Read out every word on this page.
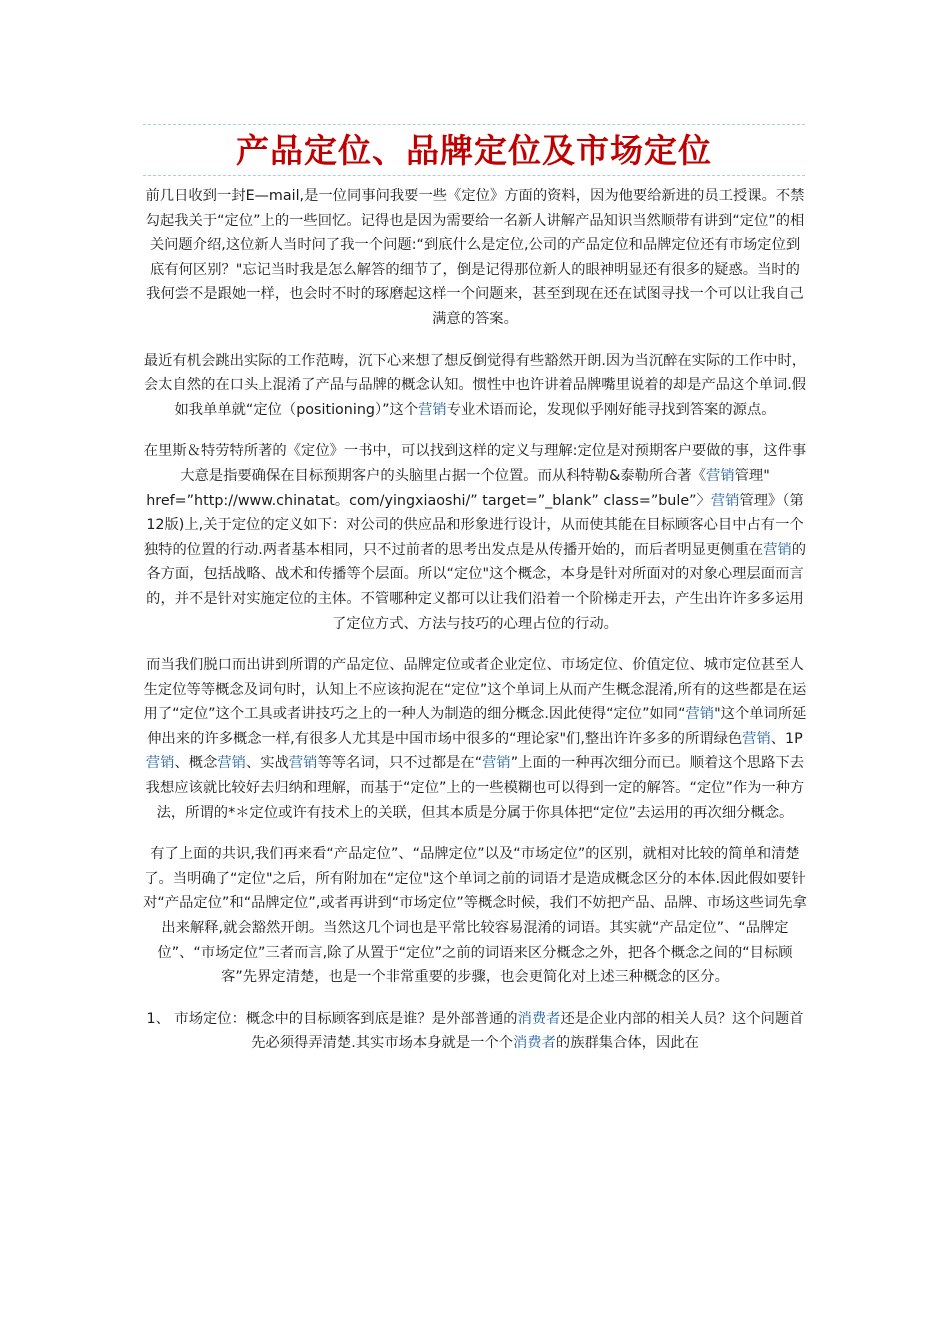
产品定位、品牌定位及市场定位

前几日收到一封E—mail,是一位同事问我要一些《定位》方面的资料，因为他要给新进的员工授课。不禁勾起我关于“定位”上的一些回忆。记得也是因为需要给一名新人讲解产品知识当然顺带有讲到“定位”的相关问题介绍,这位新人当时问了我一个问题:“到底什么是定位,公司的产品定位和品牌定位还有市场定位到底有何区别？"忘记当时我是怎么解答的细节了，倒是记得那位新人的眼神明显还有很多的疑惑。当时的我何尝不是跟她一样，也会时不时的琢磨起这样一个问题来，甚至到现在还在试图寻找一个可以让我自己满意的答案。

最近有机会跳出实际的工作范畴，沉下心来想了想反倒觉得有些豁然开朗.因为当沉醉在实际的工作中时，会太自然的在口头上混淆了产品与品牌的概念认知。惯性中也许讲着品牌嘴里说着的却是产品这个单词.假如我单单就“定位（positioning）”这个营销专业术语而论，发现似乎刚好能寻找到答案的源点。

在里斯＆特劳特所著的《定位》一书中，可以找到这样的定义与理解:定位是对预期客户要做的事，这件事大意是指要确保在目标预期客户的头脑里占据一个位置。而从科特勒&泰勒所合著《营销管理" href=”http://www.chinatat。com/yingxiaoshi/” target=”_blank” class=”bule”〉营销管理》（第12版)上,关于定位的定义如下：对公司的供应品和形象进行设计，从而使其能在目标顾客心目中占有一个独特的位置的行动.两者基本相同，只不过前者的思考出发点是从传播开始的，而后者明显更侧重在营销的各方面，包括战略、战术和传播等个层面。所以“定位"这个概念，本身是针对所面对的对象心理层面而言的，并不是针对实施定位的主体。不管哪种定义都可以让我们沿着一个阶梯走开去，产生出许许多多运用了定位方式、方法与技巧的心理占位的行动。

而当我们脱口而出讲到所谓的产品定位、品牌定位或者企业定位、市场定位、价值定位、城市定位甚至人生定位等等概念及词句时，认知上不应该拘泥在“定位”这个单词上从而产生概念混淆,所有的这些都是在运用了“定位”这个工具或者讲技巧之上的一种人为制造的细分概念.因此使得“定位”如同“营销"这个单词所延伸出来的许多概念一样,有很多人尤其是中国市场中很多的“理论家"们,整出许许多多的所谓绿色营销、1P营销、概念营销、实战营销等等名词，只不过都是在“营销”上面的一种再次细分而已。顺着这个思路下去我想应该就比较好去归纳和理解，而基于“定位”上的一些模糊也可以得到一定的解答。“定位”作为一种方法，所谓的*＊定位或许有技术上的关联，但其本质是分属于你具体把“定位”去运用的再次细分概念。

有了上面的共识,我们再来看“产品定位”、“品牌定位”以及“市场定位”的区别，就相对比较的简单和清楚了。当明确了“定位"之后，所有附加在“定位"这个单词之前的词语才是造成概念区分的本体.因此假如要针对“产品定位”和“品牌定位”,或者再讲到“市场定位”等概念时候，我们不妨把产品、品牌、市场这些词先拿出来解释,就会豁然开朗。当然这几个词也是平常比较容易混淆的词语。其实就“产品定位”、“品牌定位”、“市场定位”三者而言,除了从置于“定位”之前的词语来区分概念之外，把各个概念之间的“目标顾客”先界定清楚，也是一个非常重要的步骤，也会更简化对上述三种概念的区分。

1、 市场定位：概念中的目标顾客到底是谁？是外部普通的消费者还是企业内部的相关人员？这个问题首先必须得弄清楚.其实市场本身就是一个个消费者的族群集合体，因此在
